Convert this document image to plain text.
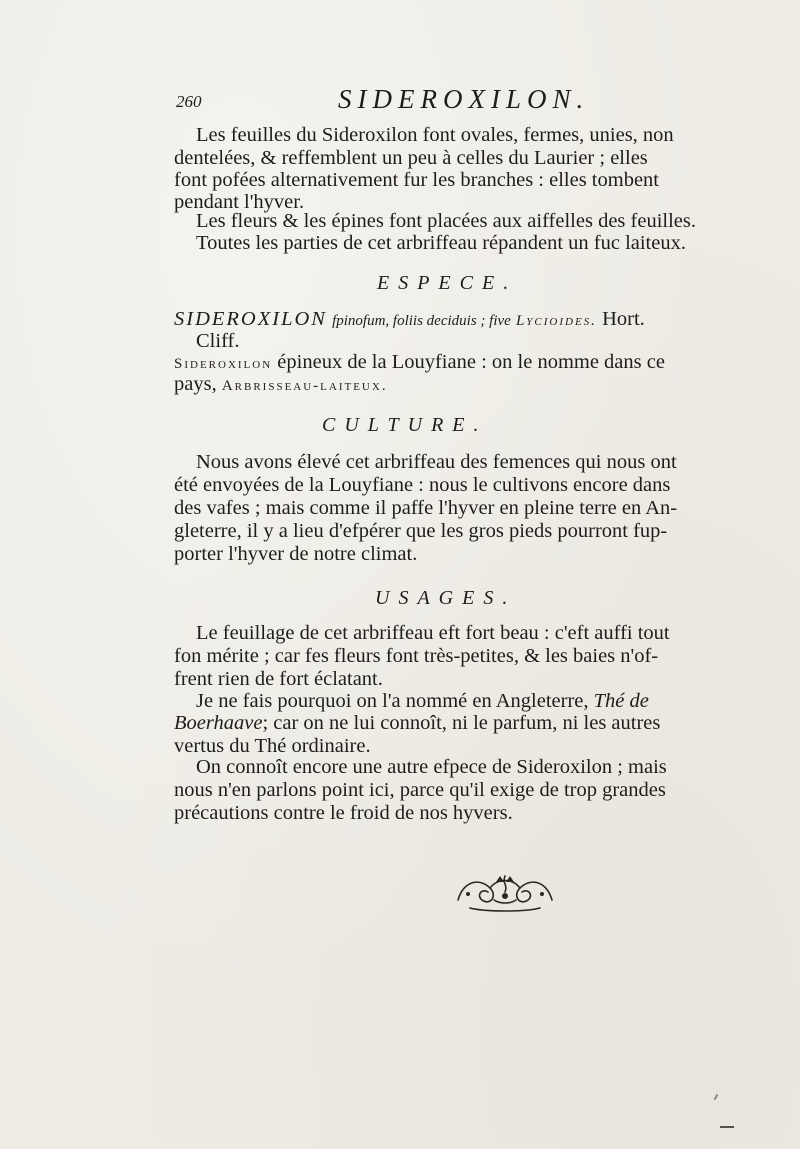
260	SIDEROXILON.
Les feuilles du Sideroxilon font ovales, fermes, unies, non
dentelées, & reffemblent un peu à celles du Laurier ; elles
font pofées alternativement fur les branches : elles tombent
pendant l'hyver.
Les fleurs & les épines font placées aux aiffelles des feuilles.
Toutes les parties de cet arbriffeau répandent un fuc laiteux.
ESPECE.
SIDEROXILON fpinofum, foliis deciduis ; five Lycioides. Hort.
Cliff.
Sideroxilon épineux de la Louyfiane : on le nomme dans ce
pays, Arbrisseau-laiteux.
CULTURE.
Nous avons élevé cet arbriffeau des femences qui nous ont
été envoyées de la Louyfiane : nous le cultivons encore dans
des vafes ; mais comme il paffe l'hyver en pleine terre en An-
gleterre, il y a lieu d'efpérer que les gros pieds pourront fup-
porter l'hyver de notre climat.
USAGES.
Le feuillage de cet arbriffeau eft fort beau : c'eft auffi tout
fon mérite ; car fes fleurs font très-petites, & les baies n'of-
frent rien de fort éclatant.
Je ne fais pourquoi on l'a nommé en Angleterre, Thé de
Boerhaave; car on ne lui connoît, ni le parfum, ni les autres
vertus du Thé ordinaire.
On connoît encore une autre efpece de Sideroxilon ; mais
nous n'en parlons point ici, parce qu'il exige de trop grandes
précautions contre le froid de nos hyvers.
